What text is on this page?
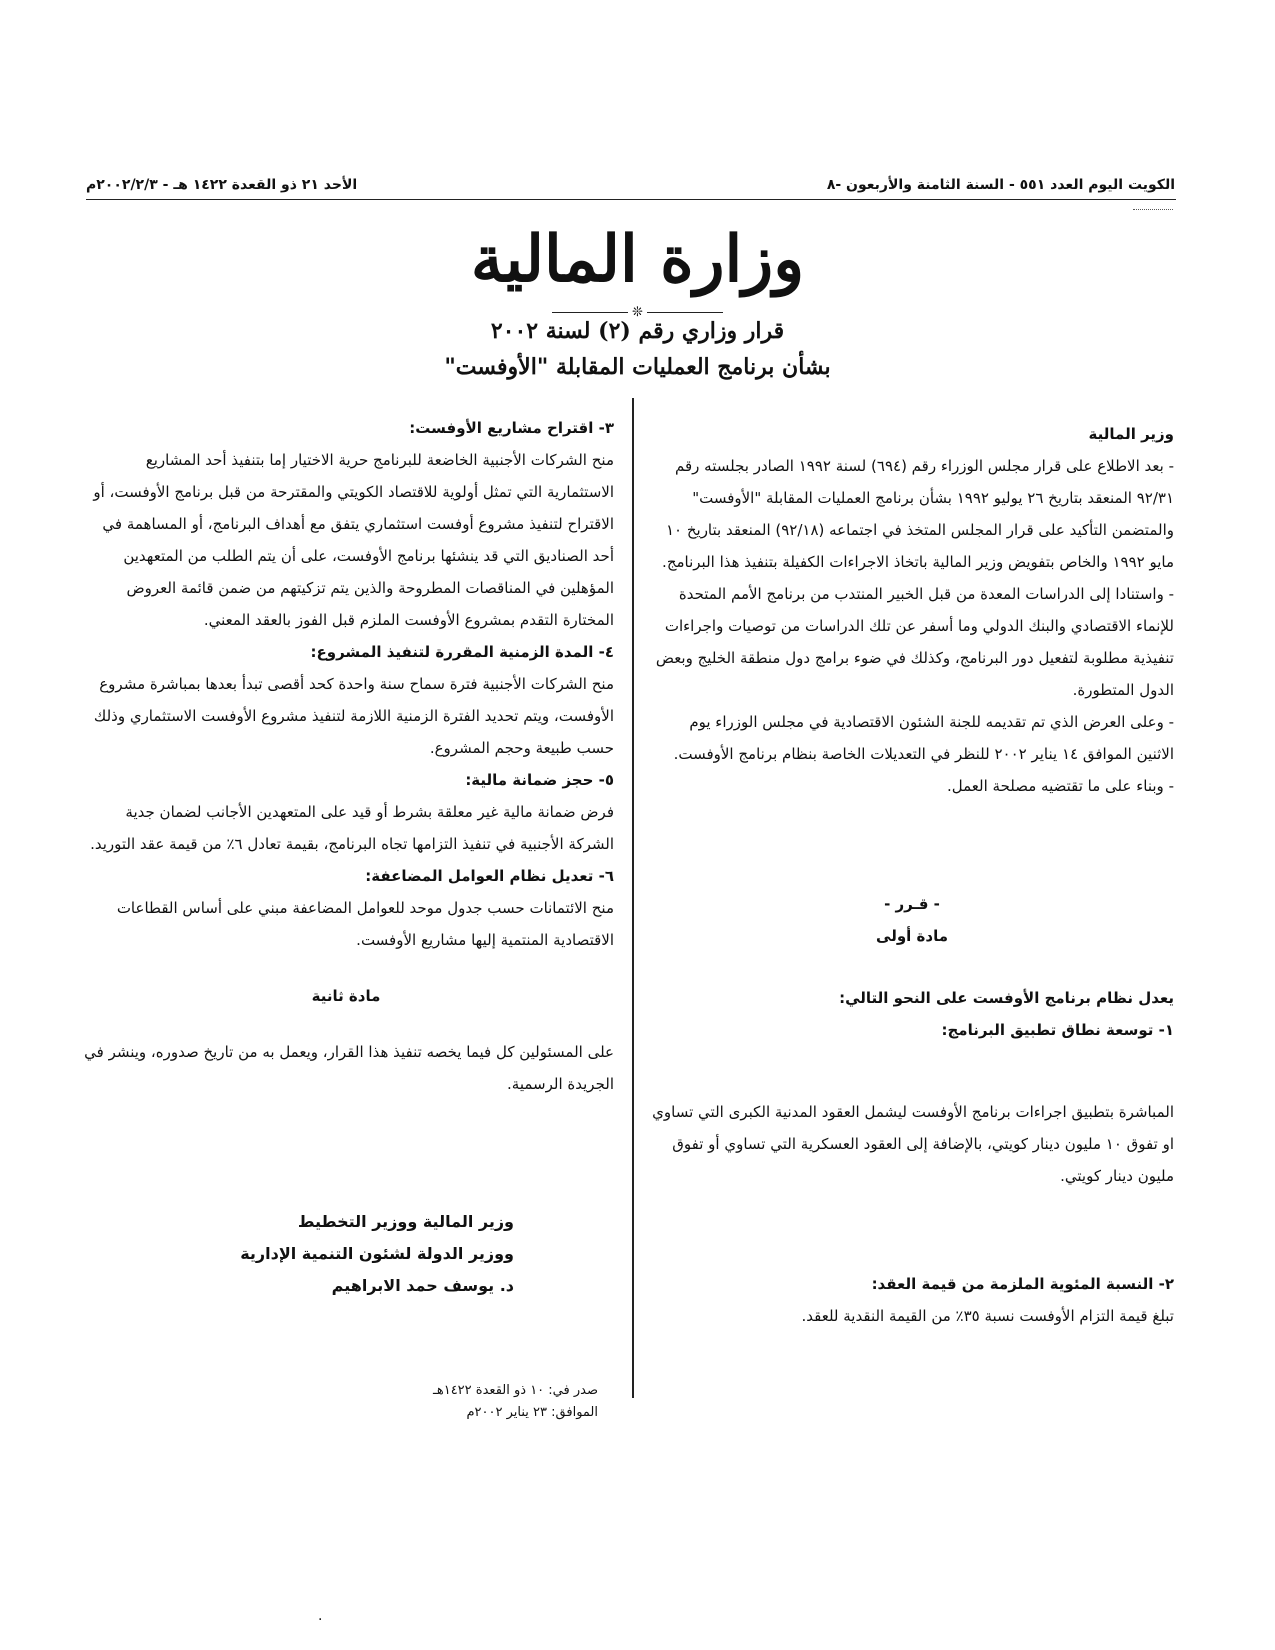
الكويت اليوم العدد ٥٥١ - السنة الثامنة والأربعون -٨
الأحد ٢١ ذو القعدة ١٤٢٢ هـ - ٢٠٠٢/٢/٣م
وزارة المالية
❊
قرار وزاري رقم (٢) لسنة ٢٠٠٢
بشأن برنامج العمليات المقابلة "الأوفست"
وزير المالية

- بعد الاطلاع على قرار مجلس الوزراء رقم (٦٩٤) لسنة ١٩٩٢ الصادر بجلسته رقم ٩٢/٣١ المنعقد بتاريخ ٢٦ يوليو ١٩٩٢ بشأن برنامج العمليات المقابلة "الأوفست" والمتضمن التأكيد على قرار المجلس المتخذ في اجتماعه (٩٢/١٨) المنعقد بتاريخ ١٠ مايو ١٩٩٢ والخاص بتفويض وزير المالية باتخاذ الاجراءات الكفيلة بتنفيذ هذا البرنامج.

- واستنادا إلى الدراسات المعدة من قبل الخبير المنتدب من برنامج الأمم المتحدة للإنماء الاقتصادي والبنك الدولي وما أسفر عن تلك الدراسات من توصيات واجراءات تنفيذية مطلوبة لتفعيل دور البرنامج، وكذلك في ضوء برامج دول منطقة الخليج وبعض الدول المتطورة.

- وعلى العرض الذي تم تقديمه للجنة الشئون الاقتصادية في مجلس الوزراء يوم الاثنين الموافق ١٤ يناير ٢٠٠٢ للنظر في التعديلات الخاصة بنظام برنامج الأوفست.

- وبناء على ما تقتضيه مصلحة العمل.

- قـرر -
مادة أولى
يعدل نظام برنامج الأوفست على النحو التالي:
١- توسعة نطاق تطبيق البرنامج:

المباشرة بتطبيق اجراءات برنامج الأوفست ليشمل العقود المدنية الكبرى التي تساوي او تفوق ١٠ مليون دينار كويتي، بالإضافة إلى العقود العسكرية التي تساوي أو تفوق مليون دينار كويتي.

٢- النسبة المئوية الملزمة من قيمة العقد:

تبلغ قيمة التزام الأوفست نسبة ٣٥٪ من القيمة النقدية للعقد.

٣- اقتراح مشاريع الأوفست:

منح الشركات الأجنبية الخاضعة للبرنامج حرية الاختيار إما بتنفيذ أحد المشاريع الاستثمارية التي تمثل أولوية للاقتصاد الكويتي والمقترحة من قبل برنامج الأوفست، أو الاقتراح لتنفيذ مشروع أوفست استثماري يتفق مع أهداف البرنامج، أو المساهمة في أحد الصناديق التي قد ينشئها برنامج الأوفست، على أن يتم الطلب من المتعهدين المؤهلين في المناقصات المطروحة والذين يتم تزكيتهم من ضمن قائمة العروض المختارة التقدم بمشروع الأوفست الملزم قبل الفوز بالعقد المعني.

٤- المدة الزمنية المقررة لتنفيذ المشروع:

منح الشركات الأجنبية فترة سماح سنة واحدة كحد أقصى تبدأ بعدها بمباشرة مشروع الأوفست، ويتم تحديد الفترة الزمنية اللازمة لتنفيذ مشروع الأوفست الاستثماري وذلك حسب طبيعة وحجم المشروع.

٥- حجز ضمانة مالية:

فرض ضمانة مالية غير معلقة بشرط أو قيد على المتعهدين الأجانب لضمان جدية الشركة الأجنبية في تنفيذ التزامها تجاه البرنامج، بقيمة تعادل ٦٪ من قيمة عقد التوريد.

٦- تعديل نظام العوامل المضاعفة:

منح الائتمانات حسب جدول موحد للعوامل المضاعفة مبني على أساس القطاعات الاقتصادية المنتمية إليها مشاريع الأوفست.

مادة ثانية

على المسئولين كل فيما يخصه تنفيذ هذا القرار، ويعمل به من تاريخ صدوره، وينشر في الجريدة الرسمية.

وزير المالية ووزير التخطيط
ووزير الدولة لشئون التنمية الإدارية
د. يوسف حمد الابراهيم
صدر في: ١٠ ذو القعدة ١٤٢٢هـ
الموافق: ٢٣ يناير ٢٠٠٢م
.
